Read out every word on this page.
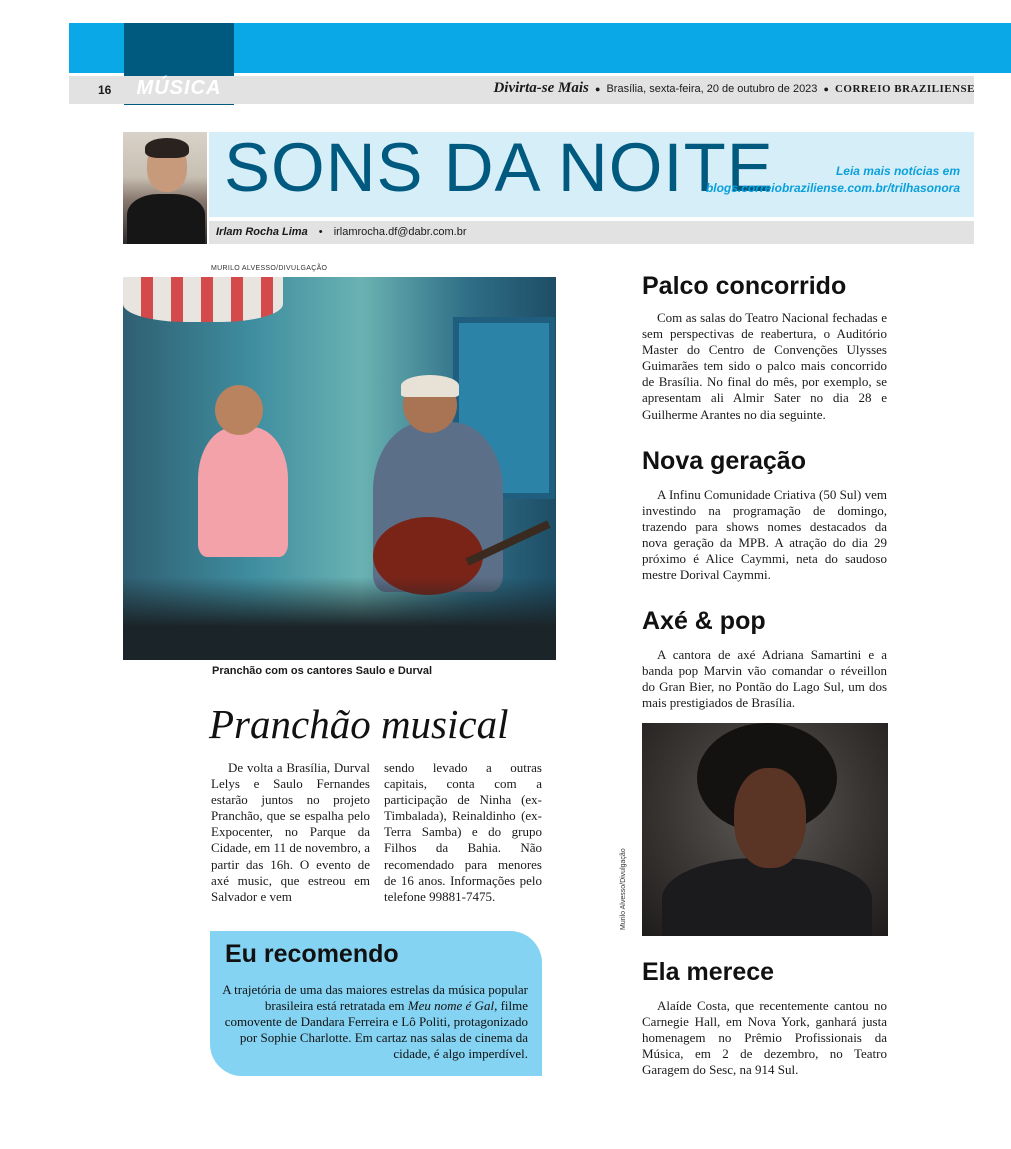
MÚSICA
16	Divirta-se Mais ● Brasília, sexta-feira, 20 de outubro de 2023 ● CORREIO BRAZILIENSE
SONS DA NOITE	Leia mais notícias em
blogs.correiobraziliense.com.br/trilhasonora
Irlam Rocha Lima • irlamrocha.df@dabr.com.br
MURILO ALVESSO/DIVULGAÇÃO
Pranchão com os cantores Saulo e Durval
Pranchão musical

De volta a Brasília, Durval Lelys e Saulo Fernandes estarão juntos no projeto Pranchão, que se espalha pelo Expocenter, no Parque da Cidade, em 11 de novembro, a partir das 16h. O evento de axé music, que estreou em Salvador e vem

sendo levado a outras capitais, conta com a participação de Ninha (ex-Timbalada), Reinaldinho (ex-Terra Samba) e do grupo Filhos da Bahia. Não recomendado para menores de 16 anos. Informações pelo telefone 99881-7475.

Eu recomendo
A trajetória de uma das maiores estrelas da música popular brasileira está retratada em Meu nome é Gal, filme comovente de Dandara Ferreira e Lô Politi, protagonizado por Sophie Charlotte. Em cartaz nas salas de cinema da cidade, é algo imperdível.
Palco concorrido

Com as salas do Teatro Nacional fechadas e sem perspectivas de reabertura, o Auditório Master do Centro de Convenções Ulysses Guimarães tem sido o palco mais concorrido de Brasília. No final do mês, por exemplo, se apresentam ali Almir Sater no dia 28 e Guilherme Arantes no dia seguinte.

Nova geração

A Infinu Comunidade Criativa (50 Sul) vem investindo na programação de domingo, trazendo para shows nomes destacados da nova geração da MPB. A atração do dia 29 próximo é Alice Caymmi, neta do saudoso mestre Dorival Caymmi.

Axé & pop

A cantora de axé Adriana Samartini e a banda pop Marvin vão comandar o réveillon do Gran Bier, no Pontão do Lago Sul, um dos mais prestigiados de Brasília.

Murilo Alvesso/Divulgação
Ela merece

Alaíde Costa, que recentemente cantou no Carnegie Hall, em Nova York, ganhará justa homenagem no Prêmio Profissionais da Música, em 2 de dezembro, no Teatro Garagem do Sesc, na 914 Sul.
